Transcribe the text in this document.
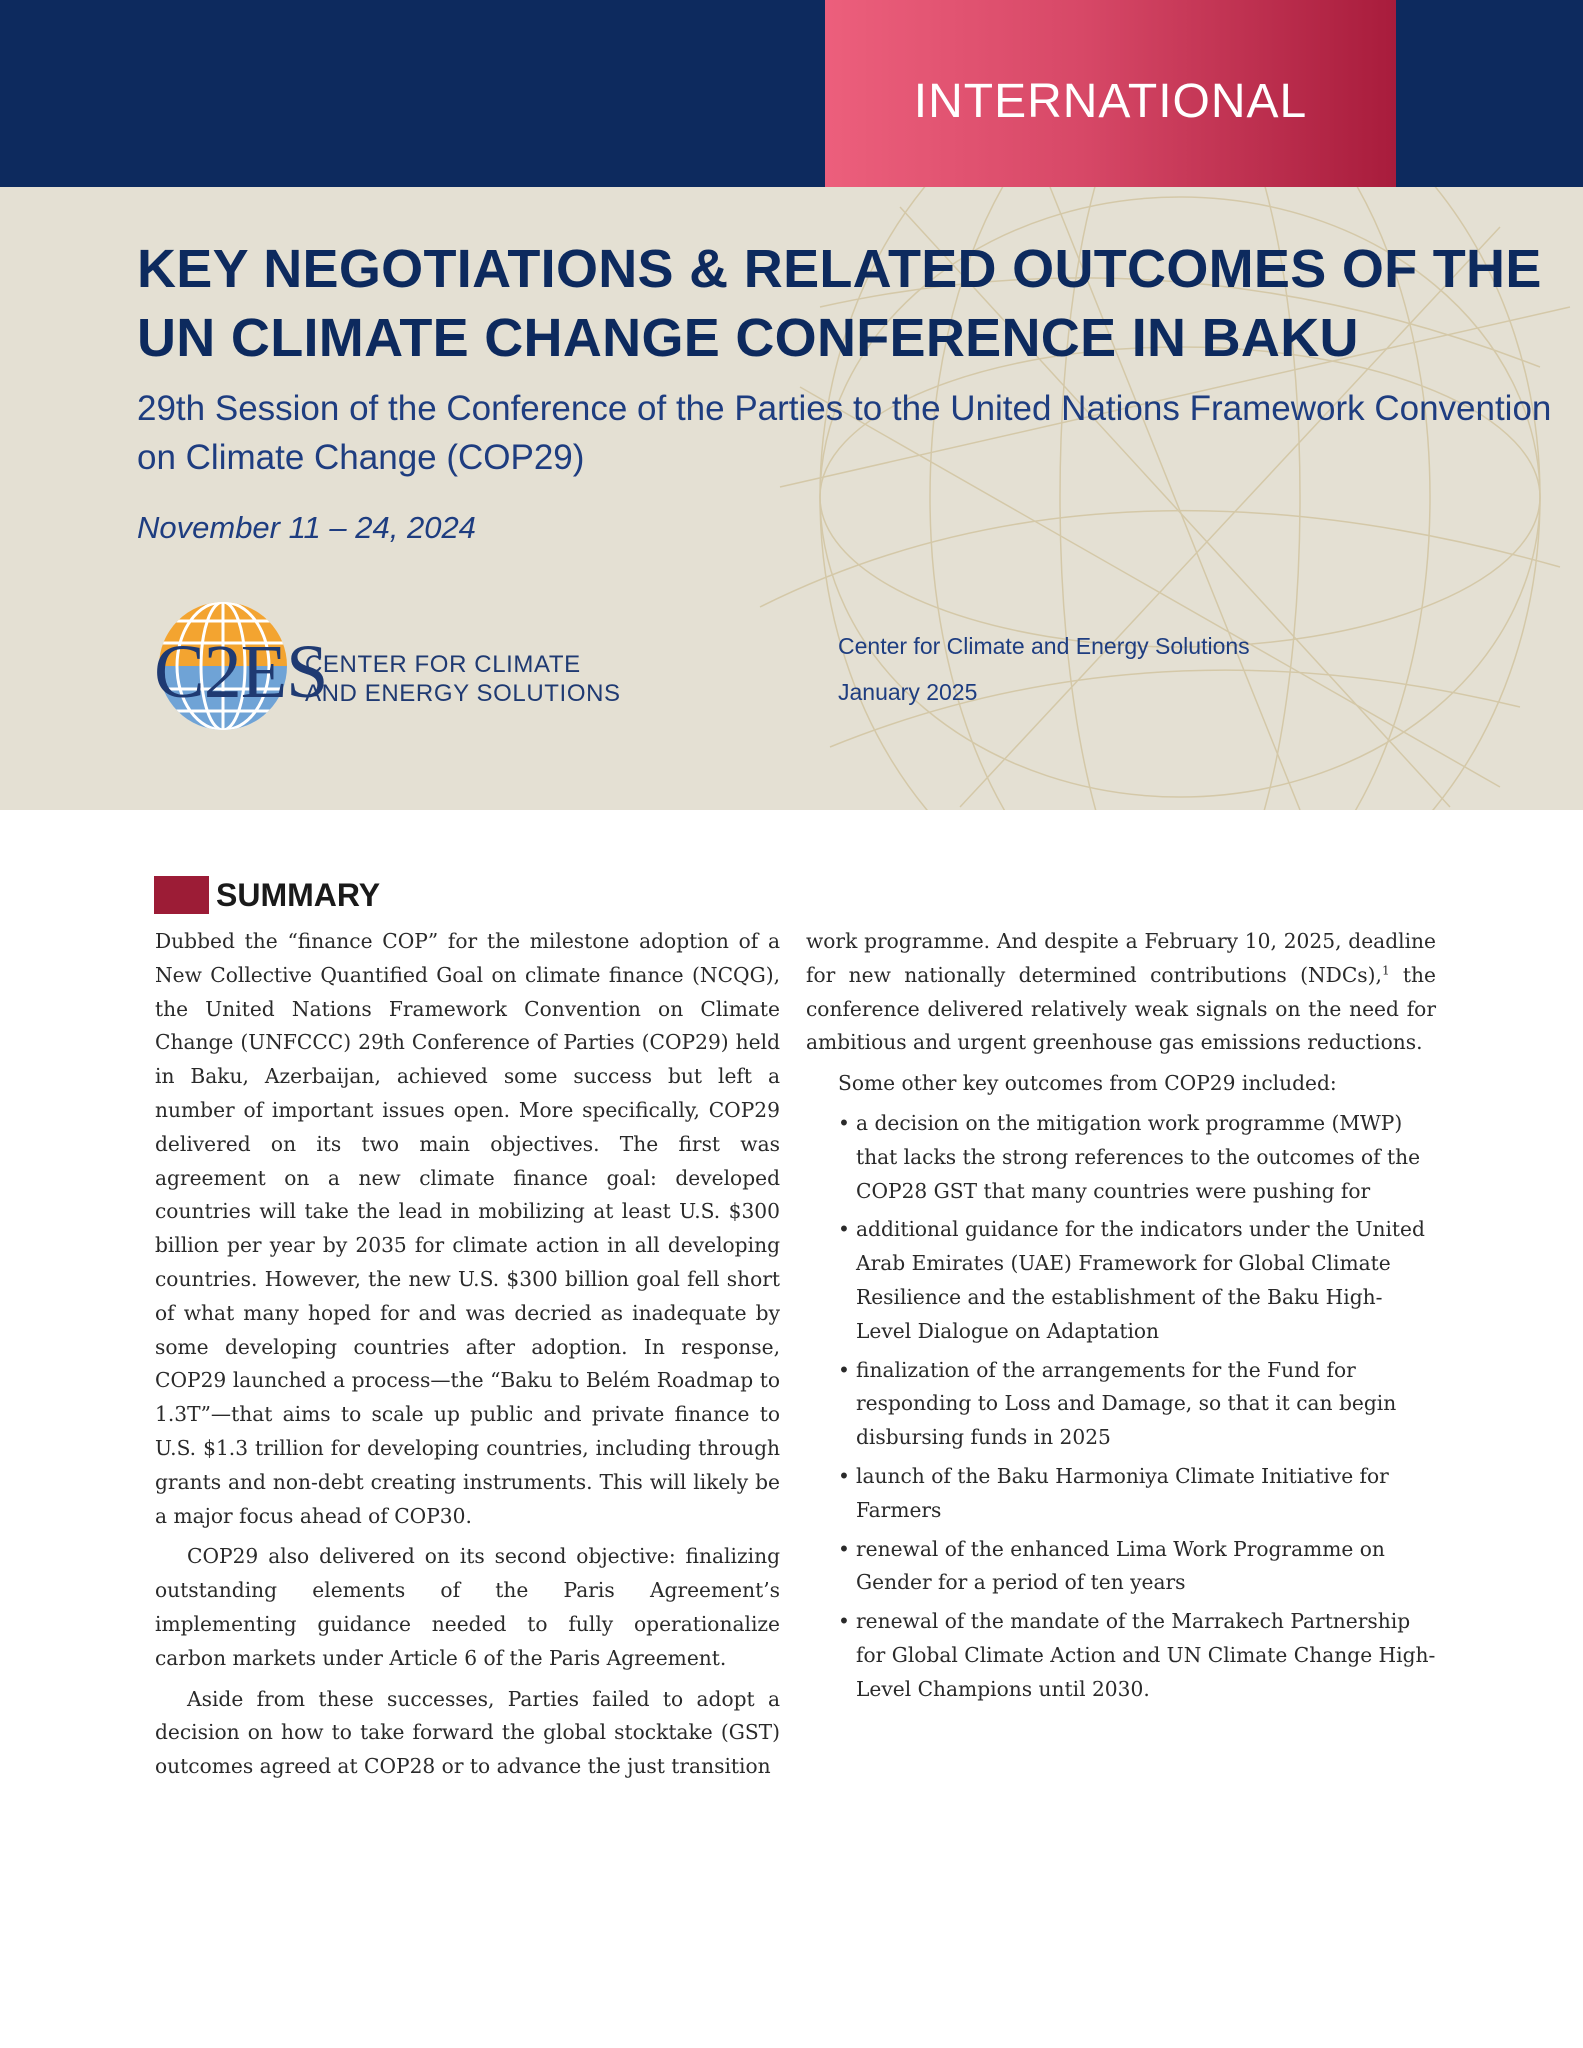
INTERNATIONAL
KEY NEGOTIATIONS & RELATED OUTCOMES OF THE UN CLIMATE CHANGE CONFERENCE IN BAKU
29th Session of the Conference of the Parties to the United Nations Framework Convention on Climate Change (COP29)
November 11 – 24, 2024
C2ES
CENTER FOR CLIMATE
AND ENERGY SOLUTIONS
Center for Climate and Energy Solutions
January 2025
SUMMARY

Dubbed the “finance COP” for the milestone adoption of a New Collective Quantified Goal on climate finance (NCQG), the United Nations Framework Convention on Climate Change (UNFCCC) 29th Conference of Parties (COP29) held in Baku, Azerbaijan, achieved some success but left a number of important issues open. More specifically, COP29 delivered on its two main objectives. The first was agreement on a new climate finance goal: developed countries will take the lead in mobilizing at least U.S. $300 billion per year by 2035 for climate action in all developing countries. However, the new U.S. $300 billion goal fell short of what many hoped for and was decried as inadequate by some developing countries after adoption. In response, COP29 launched a process—the “Baku to Belém Roadmap to 1.3T”—that aims to scale up public and private finance to U.S. $1.3 trillion for developing countries, including through grants and non-debt creating instruments. This will likely be a major focus ahead of COP30.

COP29 also delivered on its second objective: finalizing outstanding elements of the Paris Agreement’s implementing guidance needed to fully operationalize carbon markets under Article 6 of the Paris Agreement.

Aside from these successes, Parties failed to adopt a decision on how to take forward the global stocktake (GST) outcomes agreed at COP28 or to advance the just transition

work programme. And despite a February 10, 2025, deadline for new nationally determined contributions (NDCs),$^1$ the conference delivered relatively weak signals on the need for ambitious and urgent greenhouse gas emissions reductions.

Some other key outcomes from COP29 included:

• a decision on the mitigation work programme (MWP) that lacks the strong references to the outcomes of the COP28 GST that many countries were pushing for
• additional guidance for the indicators under the United Arab Emirates (UAE) Framework for Global Climate Resilience and the establishment of the Baku High-Level Dialogue on Adaptation
• finalization of the arrangements for the Fund for responding to Loss and Damage, so that it can begin disbursing funds in 2025
• launch of the Baku Harmoniya Climate Initiative for Farmers
• renewal of the enhanced Lima Work Programme on Gender for a period of ten years
• renewal of the mandate of the Marrakech Partnership for Global Climate Action and UN Climate Change High-Level Champions until 2030.
